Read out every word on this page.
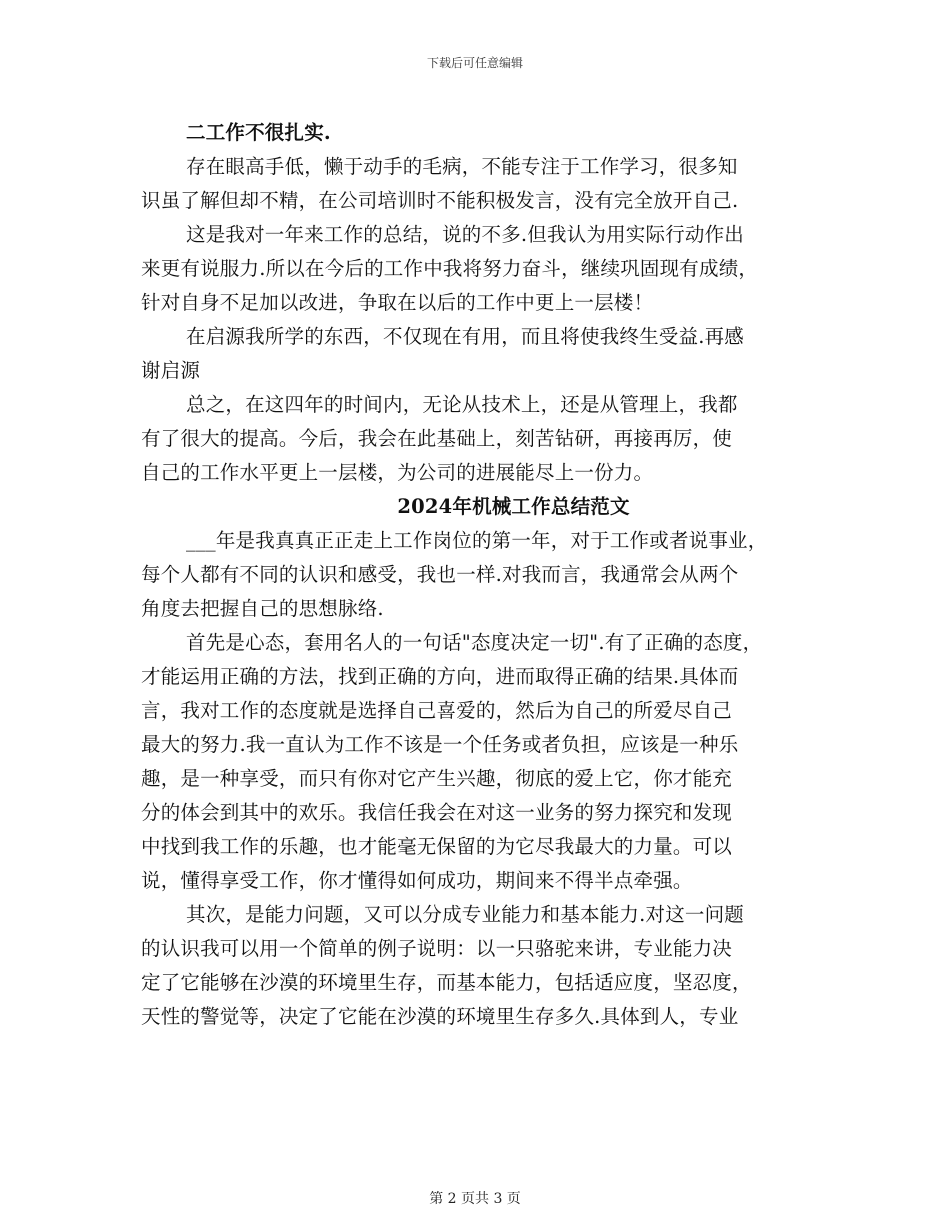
下载后可任意编辑
二工作不很扎实.
存在眼高手低，懒于动手的毛病，不能专注于工作学习，很多知
识虽了解但却不精，在公司培训时不能积极发言，没有完全放开自己.
这是我对一年来工作的总结，说的不多.但我认为用实际行动作出
来更有说服力.所以在今后的工作中我将努力奋斗，继续巩固现有成绩，
针对自身不足加以改进，争取在以后的工作中更上一层楼！
在启源我所学的东西，不仅现在有用，而且将使我终生受益.再感
谢启源
总之，在这四年的时间内，无论从技术上，还是从管理上，我都
有了很大的提高。今后，我会在此基础上，刻苦钻研，再接再厉，使
自己的工作水平更上一层楼，为公司的进展能尽上一份力。
2024年机械工作总结范文
___年是我真真正正走上工作岗位的第一年，对于工作或者说事业，
每个人都有不同的认识和感受，我也一样.对我而言，我通常会从两个
角度去把握自己的思想脉络.
首先是心态，套用名人的一句话"态度决定一切".有了正确的态度，
才能运用正确的方法，找到正确的方向，进而取得正确的结果.具体而
言，我对工作的态度就是选择自己喜爱的，然后为自己的所爱尽自己
最大的努力.我一直认为工作不该是一个任务或者负担，应该是一种乐
趣，是一种享受，而只有你对它产生兴趣，彻底的爱上它，你才能充
分的体会到其中的欢乐。我信任我会在对这一业务的努力探究和发现
中找到我工作的乐趣，也才能毫无保留的为它尽我最大的力量。可以
说，懂得享受工作，你才懂得如何成功，期间来不得半点牵强。
其次，是能力问题，又可以分成专业能力和基本能力.对这一问题
的认识我可以用一个简单的例子说明：以一只骆驼来讲，专业能力决
定了它能够在沙漠的环境里生存，而基本能力，包括适应度，坚忍度，
天性的警觉等，决定了它能在沙漠的环境里生存多久.具体到人，专业
第 2 页共 3 页
